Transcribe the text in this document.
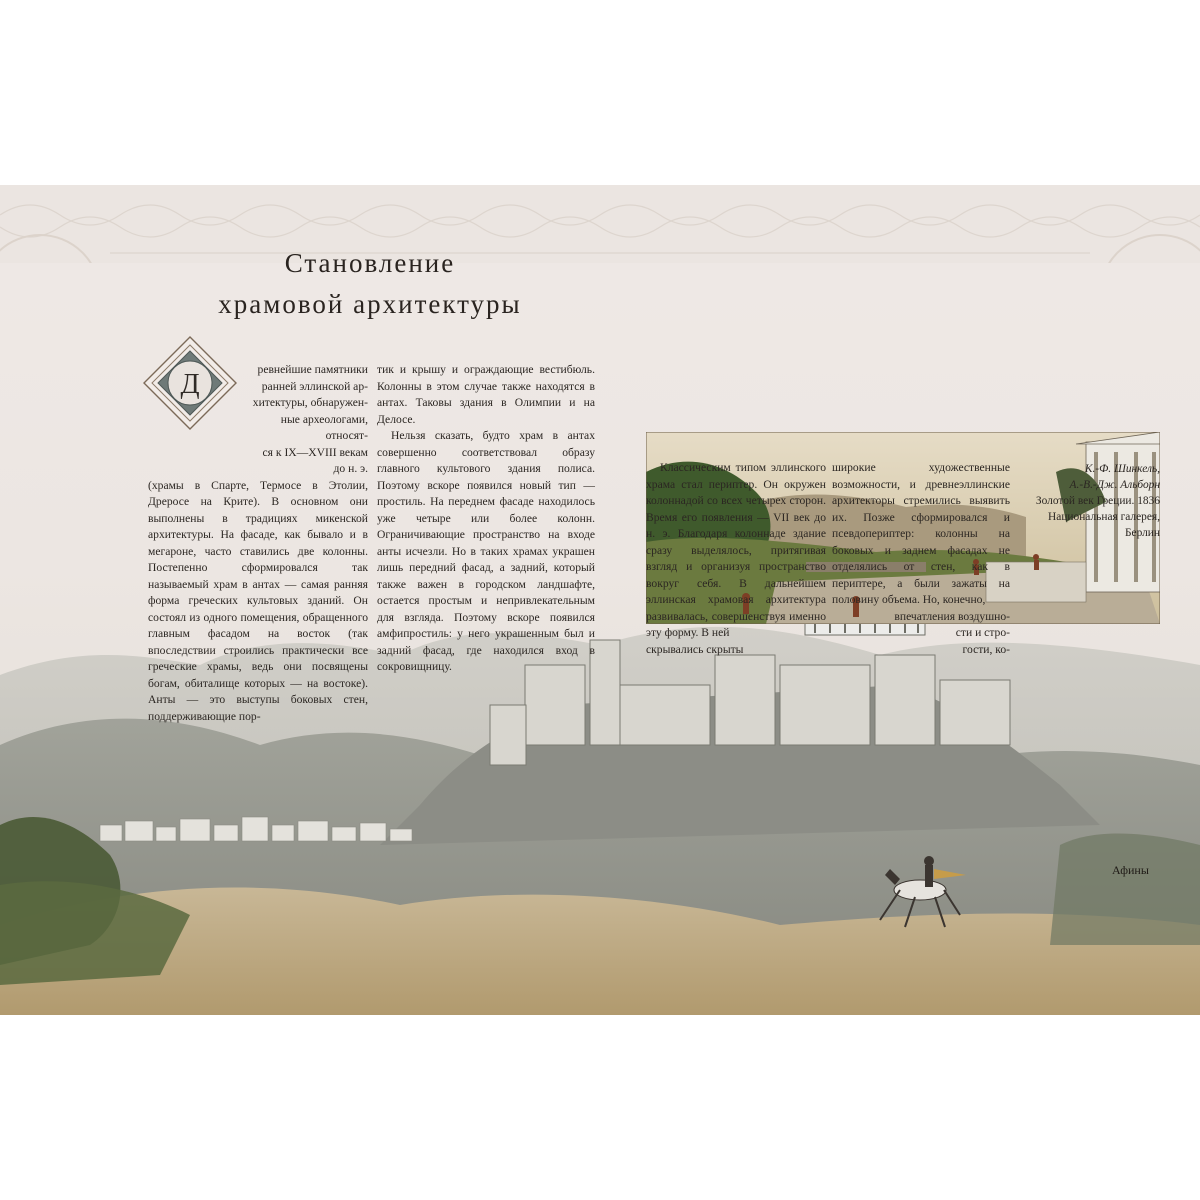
Становление
храмовой архитектуры
Д	ревнейшие памятники
ранней эллинской ар-
хитектуры, обнаружен-
ные археологами, относят-
ся к IX—XVIII векам до н. э.

(храмы в Спарте, Термосе в Этолии, Дреросе на Крите). В основном они выполнены в традициях микенской архитектуры. На фасаде, как бывало и в мегароне, часто ставились две колонны. Постепенно сформировался так называемый храм в антах — самая ранняя форма греческих культовых зданий. Он состоял из одного помещения, обращенного главным фасадом на восток (так впоследствии строились практически все греческие храмы, ведь они посвящены богам, обиталище которых — на востоке). Анты — это выступы боковых стен, поддерживающие пор-

тик и крышу и ограждающие вестибюль. Колонны в этом случае также находятся в антах. Таковы здания в Олимпии и на Делосе.

Нельзя сказать, будто храм в антах совершенно соответствовал образу главного культового здания полиса. Поэтому вскоре появился новый тип — простиль. На переднем фасаде находилось уже четыре или более колонн. Ограничивающие пространство на входе анты исчезли. Но в таких храмах украшен лишь передний фасад, а задний, который также важен в городском ландшафте, остается простым и непривлекательным для взгляда. Поэтому вскоре появился амфипростиль: у него украшенным был и задний фасад, где находился вход в сокровищницу.

Классическим типом эллинского храма стал периптер. Он окружен колоннадой со всех четырех сторон. Время его появления — VII век до н. э. Благодаря колоннаде здание сразу выделялось, притягивая взгляд и организуя пространство вокруг себя. В дальнейшем эллинская храмовая архитектура развивалась, совершенствуя именно эту форму. В ней

скрывались скрыты

широкие художественные возможности, и древнеэллинские архитекторы стремились выявить их. Позже сформировался и псевдопериптер: колонны на боковых и заднем фасадах не отделялись от стен, как в периптере, а были зажаты на половину объема. Но, конечно,

впечатления воздушно-
сти и стро-
гости, ко-
К.-Ф. Шинкель,
А.-В.-Дж. Альборн
Золотой век Греции. 1836
Национальная галерея,
Берлин
Афины
